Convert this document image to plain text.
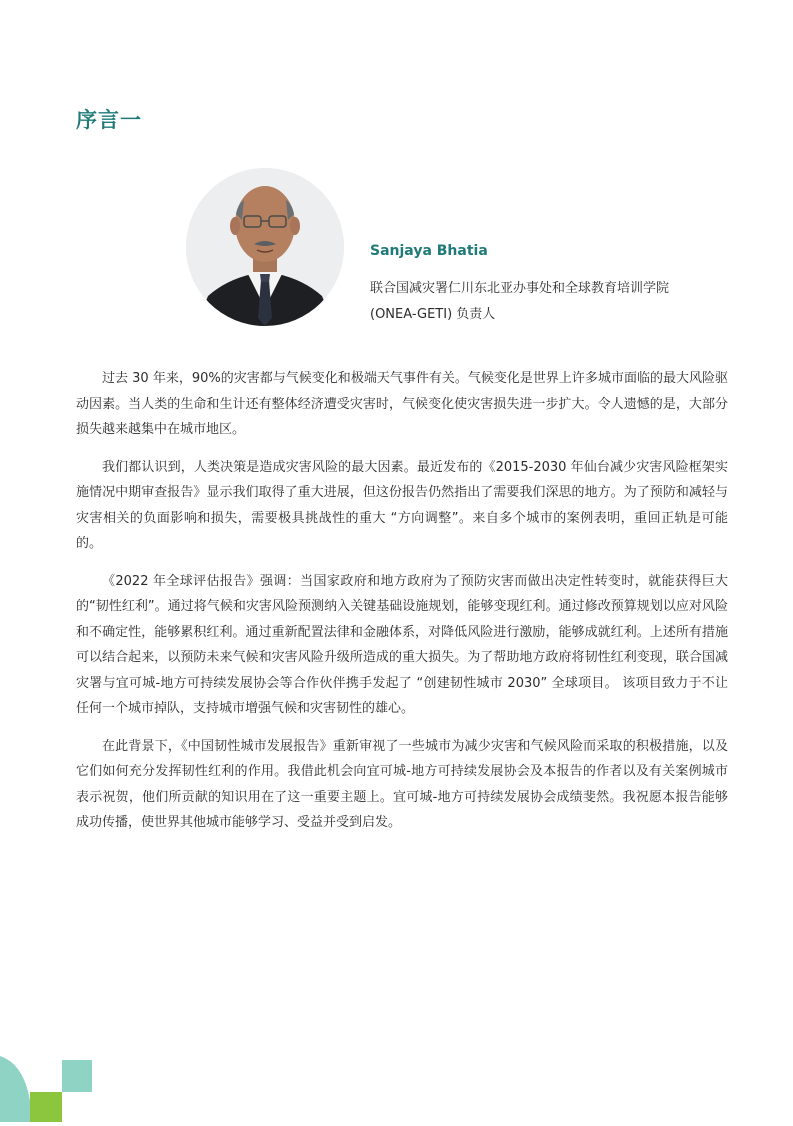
序言一
Sanjaya Bhatia
联合国减灾署仁川东北亚办事处和全球教育培训学院
(ONEA-GETI) 负责人

过去 30 年来，90%的灾害都与气候变化和极端天气事件有关。气候变化是世界上许多城市面临的最大风险驱动因素。当人类的生命和生计还有整体经济遭受灾害时，气候变化使灾害损失进一步扩大。令人遗憾的是，大部分损失越来越集中在城市地区。

我们都认识到，人类决策是造成灾害风险的最大因素。最近发布的《2015-2030 年仙台减少灾害风险框架实施情况中期审查报告》显示我们取得了重大进展，但这份报告仍然指出了需要我们深思的地方。为了预防和减轻与灾害相关的负面影响和损失，需要极具挑战性的重大 “方向调整”。来自多个城市的案例表明，重回正轨是可能的。

《2022 年全球评估报告》强调：当国家政府和地方政府为了预防灾害而做出决定性转变时，就能获得巨大的“韧性红利”。通过将气候和灾害风险预测纳入关键基础设施规划，能够变现红利。通过修改预算规划以应对风险和不确定性，能够累积红利。通过重新配置法律和金融体系，对降低风险进行激励，能够成就红利。上述所有措施可以结合起来，以预防未来气候和灾害风险升级所造成的重大损失。为了帮助地方政府将韧性红利变现，联合国减灾署与宜可城-地方可持续发展协会等合作伙伴携手发起了 “创建韧性城市 2030” 全球项目。 该项目致力于不让任何一个城市掉队，支持城市增强气候和灾害韧性的雄心。

在此背景下，《中国韧性城市发展报告》重新审视了一些城市为减少灾害和气候风险而采取的积极措施，以及它们如何充分发挥韧性红利的作用。我借此机会向宜可城-地方可持续发展协会及本报告的作者以及有关案例城市表示祝贺，他们所贡献的知识用在了这一重要主题上。宜可城-地方可持续发展协会成绩斐然。我祝愿本报告能够成功传播，使世界其他城市能够学习、受益并受到启发。
